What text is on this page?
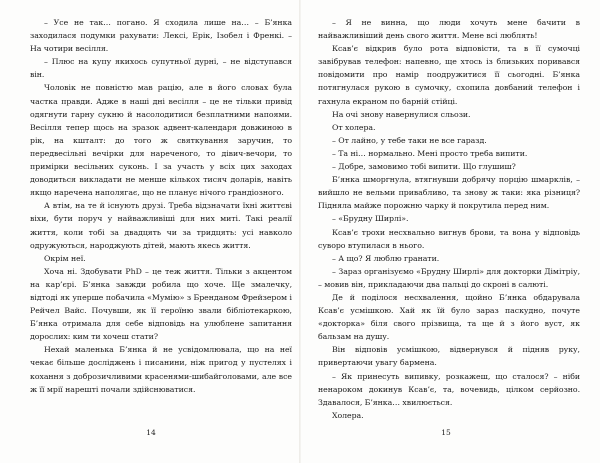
– Усе не так… погано. Я сходила лише на… – Б’янка заходилася подумки рахувати: Лексі, Ерік, Ізобел і Френкі. – На чотири весілля.

– Плюс на купу якихось супутньої дурні, – не відступався він.

Чоловік не повністю мав рацію, але в його словах була частка правди. Адже в наші дні весілля – це не тільки привід одягнути гарну сукню й насолодитися безплатними напоями. Весілля тепер щось на зразок адвент-календаря довжиною в рік, на кшталт: до того ж святкування заручин, то передвесільні вечірки для нареченого, то дівич-вечори, то примірки весільних суконь. І за участь у всіх цих заходах доводиться викладати не менше кількох тисяч доларів, навіть якщо наречена наполягає, що не планує нічого грандіозного.

А втім, на те й існують друзі. Треба відзначати їхні життєві віхи, бути поруч у найважливіші для них миті. Такі реалії життя, коли тобі за двадцять чи за тридцять: усі навколо одружуються, народжують дітей, мають якесь життя.

Окрім неї.

Хоча ні. Здобувати PhD – це теж життя. Тільки з акцентом на кар’єрі. Б’янка завжди робила що хоче. Ще змалечку, відтоді як уперше побачила «Мумію» з Бренданом Фрейзером і Рейчел Вайс. Почувши, як її героїню звали бібліотекаркою, Б’янка отримала для себе відповідь на улюблене запитання дорослих: ким ти хочеш стати?

Нехай маленька Б’янка й не усвідомлювала, що на неї чекає більше досліджень і писанини, ніж пригод у пустелях і кохання з доброзичливими красенями-шибайголовами, але все ж її мрії нарешті почали здійснюватися.

14

– Я не винна, що люди хочуть мене бачити в найважливіший день свого життя. Мене всі люблять!

Ксав’є відкрив було рота відповісти, та в її сумочці завібрував телефон: напевно, ще хтось із близьких поривався повідомити про намір поодружитися її сьогодні. Б’янка потягнулася рукою в сумочку, схопила довбаний телефон і гахнула екраном по барній стійці.

На очі знову навернулися сльози.

От холера.

– От лайно, у тебе таки не все гаразд.

– Та ні… нормально. Мені просто треба випити.

– Добре, замовимо тобі випити. Що глушиш?

Б’янка шморгнула, втягнувши добрячу порцію шмарклів, – вийшло не вельми привабливо, та знову ж таки: яка різниця? Підняла майже порожню чарку й покрутила перед ним.

– «Брудну Ширлі».

Ксав’є трохи несхвально вигнув брови, та вона у відповідь суворо втупилася в нього.

– А що? Я люблю гранати.

– Зараз організуємо «Брудну Ширлі» для докторки Дімітріу, – мовив він, прикладаючи два пальці до скроні в салюті.

Де й поділося несхвалення, щойно Б’янка обдарувала Ксав’є усмішкою. Хай як їй було зараз паскудно, почуте «докторка» біля свого прізвища, та ще й з його вуст, як бальзам на душу.

Він відповів усмішкою, відвернувся й підняв руку, привертаючи увагу бармена.

– Як принесуть випивку, розкажеш, що сталося? – ніби ненароком докинув Ксав’є, та, вочевидь, цілком серйозно. Здавалося, Б’янка… хвилюється.

Холера.

15
